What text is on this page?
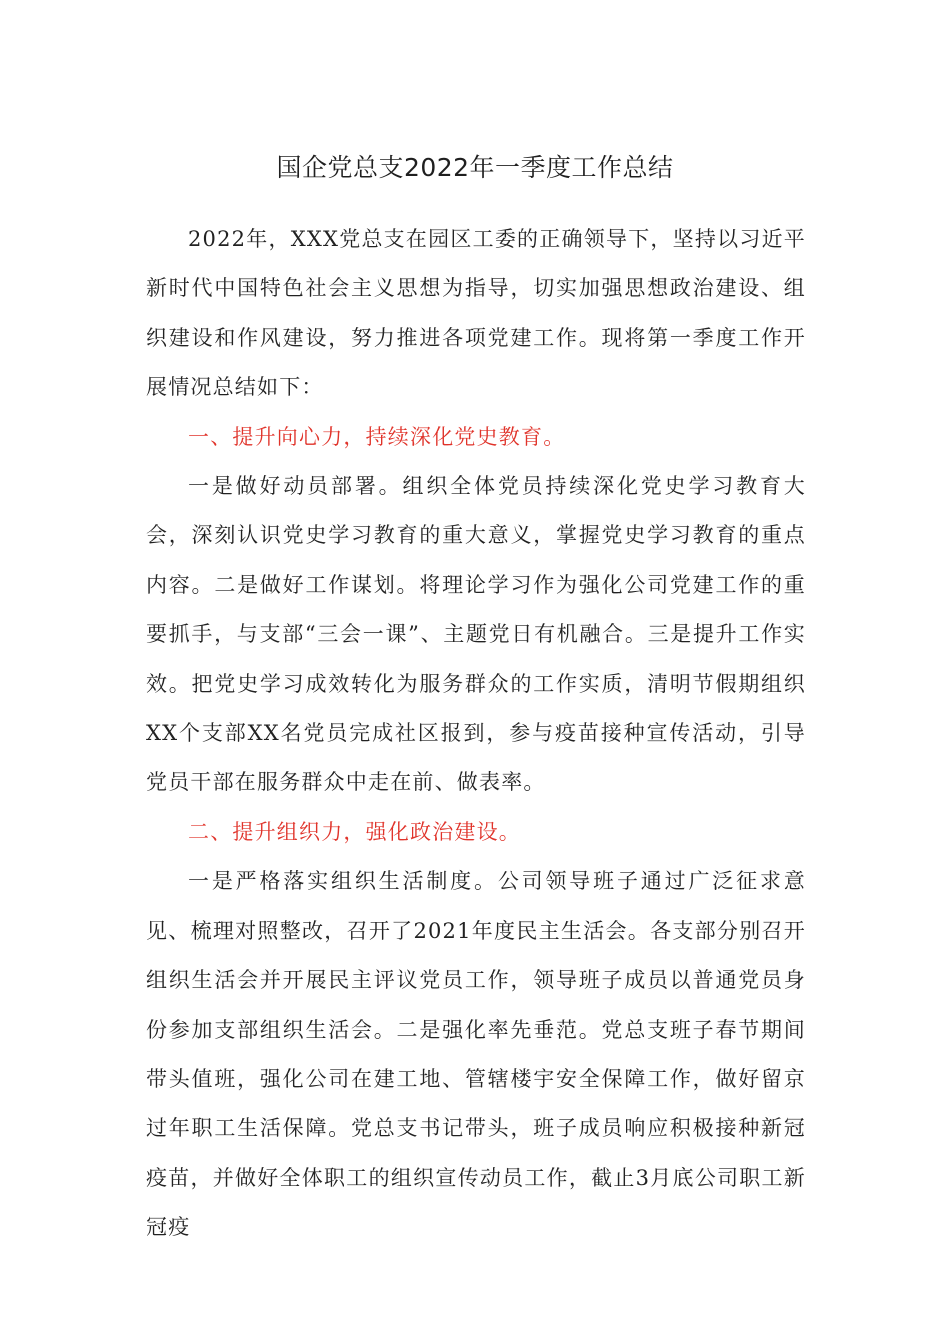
国企党总支2022年一季度工作总结

2022年，XXX党总支在园区工委的正确领导下，坚持以习近平新时代中国特色社会主义思想为指导，切实加强思想政治建设、组织建设和作风建设，努力推进各项党建工作。现将第一季度工作开展情况总结如下：

一、提升向心力，持续深化党史教育。

一是做好动员部署。组织全体党员持续深化党史学习教育大会，深刻认识党史学习教育的重大意义，掌握党史学习教育的重点内容。二是做好工作谋划。将理论学习作为强化公司党建工作的重要抓手，与支部“三会一课”、主题党日有机融合。三是提升工作实效。把党史学习成效转化为服务群众的工作实质，清明节假期组织XX个支部XX名党员完成社区报到，参与疫苗接种宣传活动，引导党员干部在服务群众中走在前、做表率。

二、提升组织力，强化政治建设。

一是严格落实组织生活制度。公司领导班子通过广泛征求意见、梳理对照整改，召开了2021年度民主生活会。各支部分别召开组织生活会并开展民主评议党员工作，领导班子成员以普通党员身份参加支部组织生活会。二是强化率先垂范。党总支班子春节期间带头值班，强化公司在建工地、管辖楼宇安全保障工作，做好留京过年职工生活保障。党总支书记带头，班子成员响应积极接种新冠疫苗，并做好全体职工的组织宣传动员工作，截止3月底公司职工新冠疫
